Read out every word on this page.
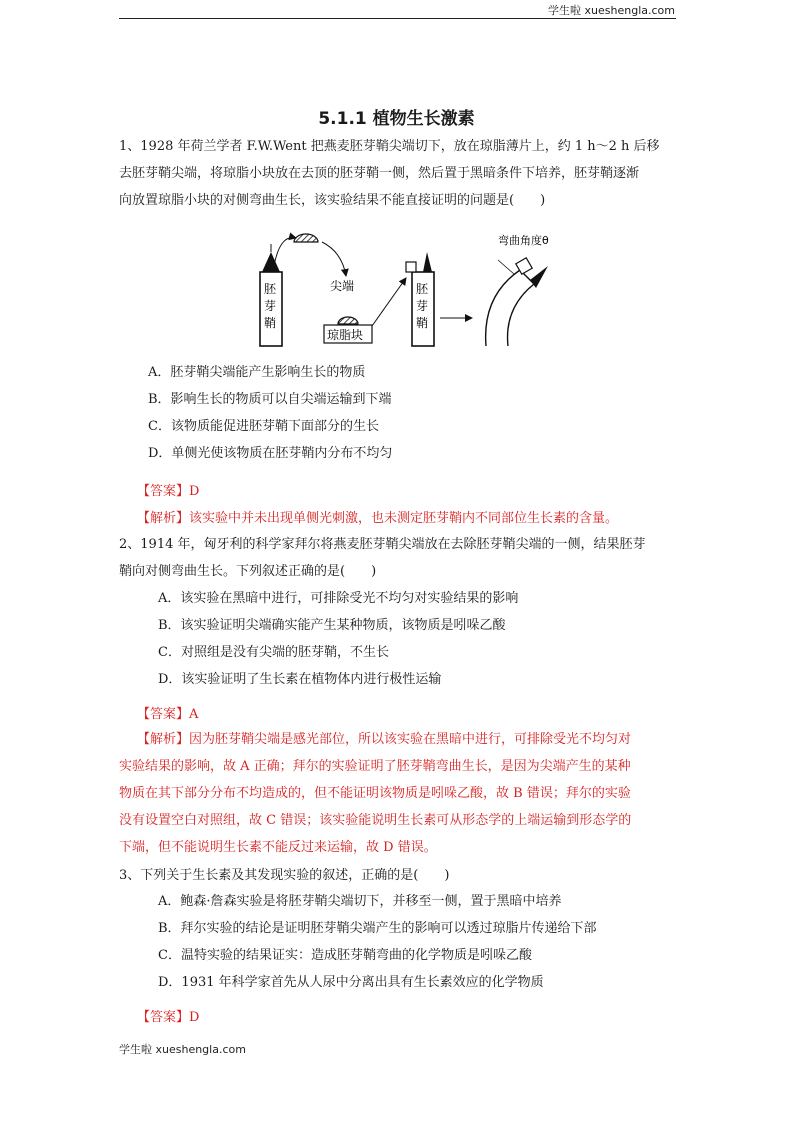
学生啦 xueshengla.com
5.1.1 植物生长激素
1、1928 年荷兰学者 F.W.Went 把燕麦胚芽鞘尖端切下，放在琼脂薄片上，约 1 h～2 h 后移
去胚芽鞘尖端，将琼脂小块放在去顶的胚芽鞘一侧，然后置于黑暗条件下培养，胚芽鞘逐渐
向放置琼脂小块的对侧弯曲生长，该实验结果不能直接证明的问题是(　　)
胚
芽
鞘
尖端
琼脂块
胚
芽
鞘
弯曲角度θ
A．胚芽鞘尖端能产生影响生长的物质
B．影响生长的物质可以自尖端运输到下端
C．该物质能促进胚芽鞘下面部分的生长
D．单侧光使该物质在胚芽鞘内分布不均匀
【答案】D
【解析】该实验中并未出现单侧光刺激，也未测定胚芽鞘内不同部位生长素的含量。
2、1914 年，匈牙利的科学家拜尔将燕麦胚芽鞘尖端放在去除胚芽鞘尖端的一侧，结果胚芽
鞘向对侧弯曲生长。下列叙述正确的是(　　)
A．该实验在黑暗中进行，可排除受光不均匀对实验结果的影响
B．该实验证明尖端确实能产生某种物质，该物质是吲哚乙酸
C．对照组是没有尖端的胚芽鞘，不生长
D．该实验证明了生长素在植物体内进行极性运输
【答案】A
【解析】因为胚芽鞘尖端是感光部位，所以该实验在黑暗中进行，可排除受光不均匀对
实验结果的影响，故 A 正确；拜尔的实验证明了胚芽鞘弯曲生长，是因为尖端产生的某种
物质在其下部分分布不均造成的，但不能证明该物质是吲哚乙酸，故 B 错误；拜尔的实验
没有设置空白对照组，故 C 错误；该实验能说明生长素可从形态学的上端运输到形态学的
下端，但不能说明生长素不能反过来运输，故 D 错误。
3、下列关于生长素及其发现实验的叙述，正确的是(　　)
A．鲍森·詹森实验是将胚芽鞘尖端切下，并移至一侧，置于黑暗中培养
B．拜尔实验的结论是证明胚芽鞘尖端产生的影响可以透过琼脂片传递给下部
C．温特实验的结果证实：造成胚芽鞘弯曲的化学物质是吲哚乙酸
D．1931 年科学家首先从人尿中分离出具有生长素效应的化学物质
【答案】D
学生啦 xueshengla.com
